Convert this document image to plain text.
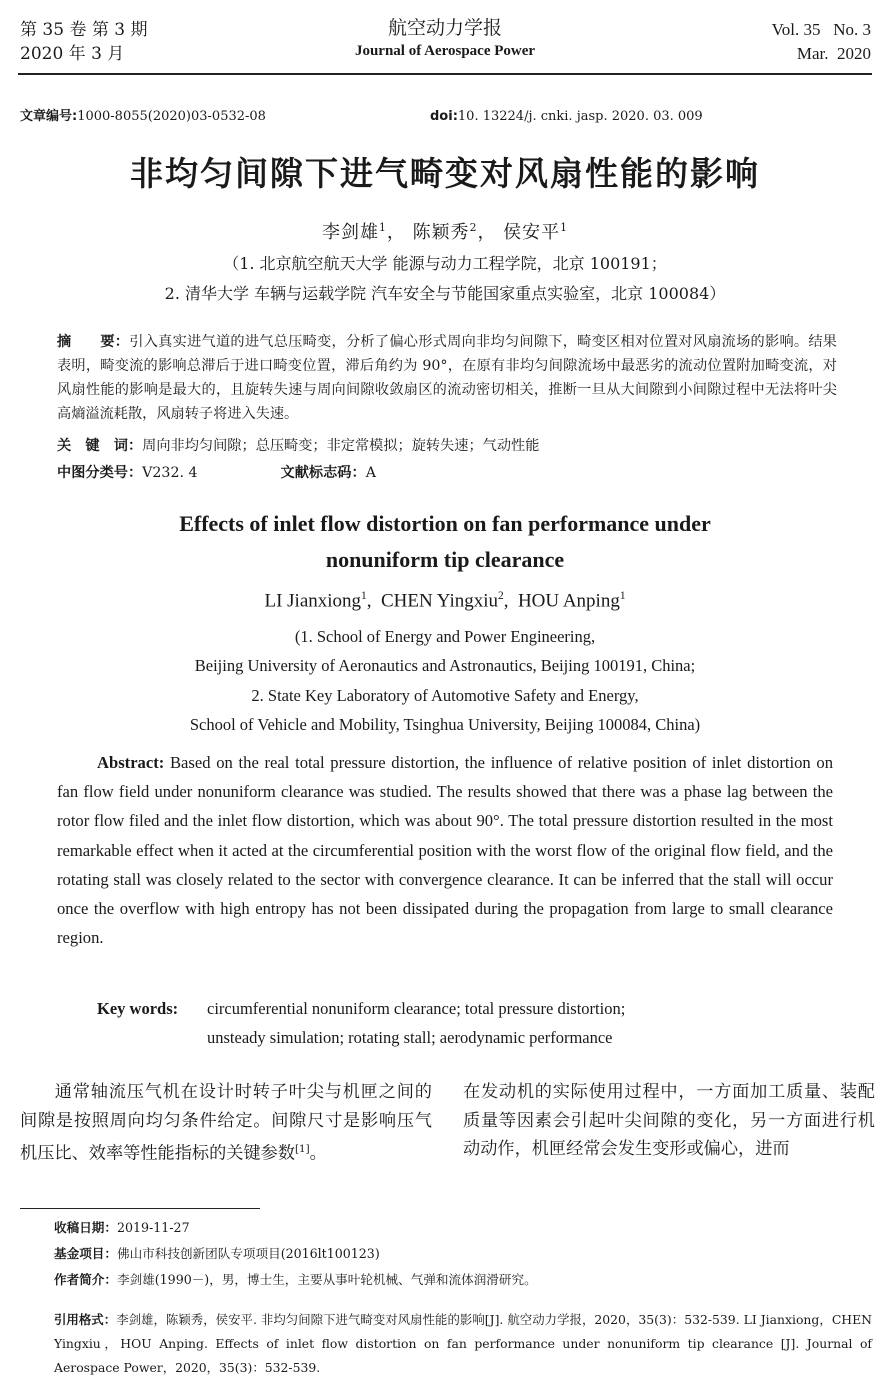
第 35 卷 第 3 期
2020 年 3 月
航空动力学报
Journal of Aerospace Power
Vol. 35   No. 3
Mar.  2020
文章编号:1000-8055(2020)03-0532-08	doi:10. 13224/j. cnki. jasp. 2020. 03. 009
非均匀间隙下进气畸变对风扇性能的影响
李剑雄$^1$， 陈颖秀$^2$， 侯安平$^1$
（1. 北京航空航天大学 能源与动力工程学院，北京 100191；
2. 清华大学 车辆与运载学院 汽车安全与节能国家重点实验室，北京 100084）
摘　　要：引入真实进气道的进气总压畸变，分析了偏心形式周向非均匀间隙下，畸变区相对位置对风扇流场的影响。结果表明，畸变流的影响总滞后于进口畸变位置，滞后角约为 90°，在原有非均匀间隙流场中最恶劣的流动位置附加畸变流，对风扇性能的影响是最大的，且旋转失速与周向间隙收敛扇区的流动密切相关，推断一旦从大间隙到小间隙过程中无法将叶尖高熵溢流耗散，风扇转子将进入失速。
关　键　词：周向非均匀间隙；总压畸变；非定常模拟；旋转失速；气动性能
中图分类号：V232. 4	文献标志码：A
Effects of inlet flow distortion on fan performance under
nonuniform tip clearance
LI Jianxiong$^1$,  CHEN Yingxiu$^2$,  HOU Anping$^1$
(1. School of Energy and Power Engineering,
Beijing University of Aeronautics and Astronautics, Beijing 100191, China;
2. State Key Laboratory of Automotive Safety and Energy,
School of Vehicle and Mobility, Tsinghua University, Beijing 100084, China)
Abstract: Based on the real total pressure distortion, the influence of relative position of inlet distortion on fan flow field under nonuniform clearance was studied. The results showed that there was a phase lag between the rotor flow filed and the inlet flow distortion, which was about 90°. The total pressure distortion resulted in the most remarkable effect when it acted at the circumferential position with the worst flow of the original flow field, and the rotating stall was closely related to the sector with convergence clearance. It can be inferred that the stall will occur once the overflow with high entropy has not been dissipated during the propagation from large to small clearance region.
Key words: circumferential nonuniform clearance; total pressure distortion;
unsteady simulation; rotating stall; aerodynamic performance
通常轴流压气机在设计时转子叶尖与机匣之间的间隙是按照周向均匀条件给定。间隙尺寸是影响压气机压比、效率等性能指标的关键参数[1]。
在发动机的实际使用过程中，一方面加工质量、装配质量等因素会引起叶尖间隙的变化，另一方面进行机动动作，机匣经常会发生变形或偏心，进而
收稿日期：2019-11-27
基金项目：佛山市科技创新团队专项项目(2016lt100123)
作者简介：李剑雄(1990－)，男，博士生，主要从事叶轮机械、气弹和流体润滑研究。
引用格式：李剑雄，陈颖秀，侯安平. 非均匀间隙下进气畸变对风扇性能的影响[J]. 航空动力学报，2020，35(3)：532-539. LI Jianxiong，CHEN Yingxiu，HOU Anping. Effects of inlet flow distortion on fan performance under nonuniform tip clearance [J]. Journal of Aerospace Power，2020，35(3)：532-539.
